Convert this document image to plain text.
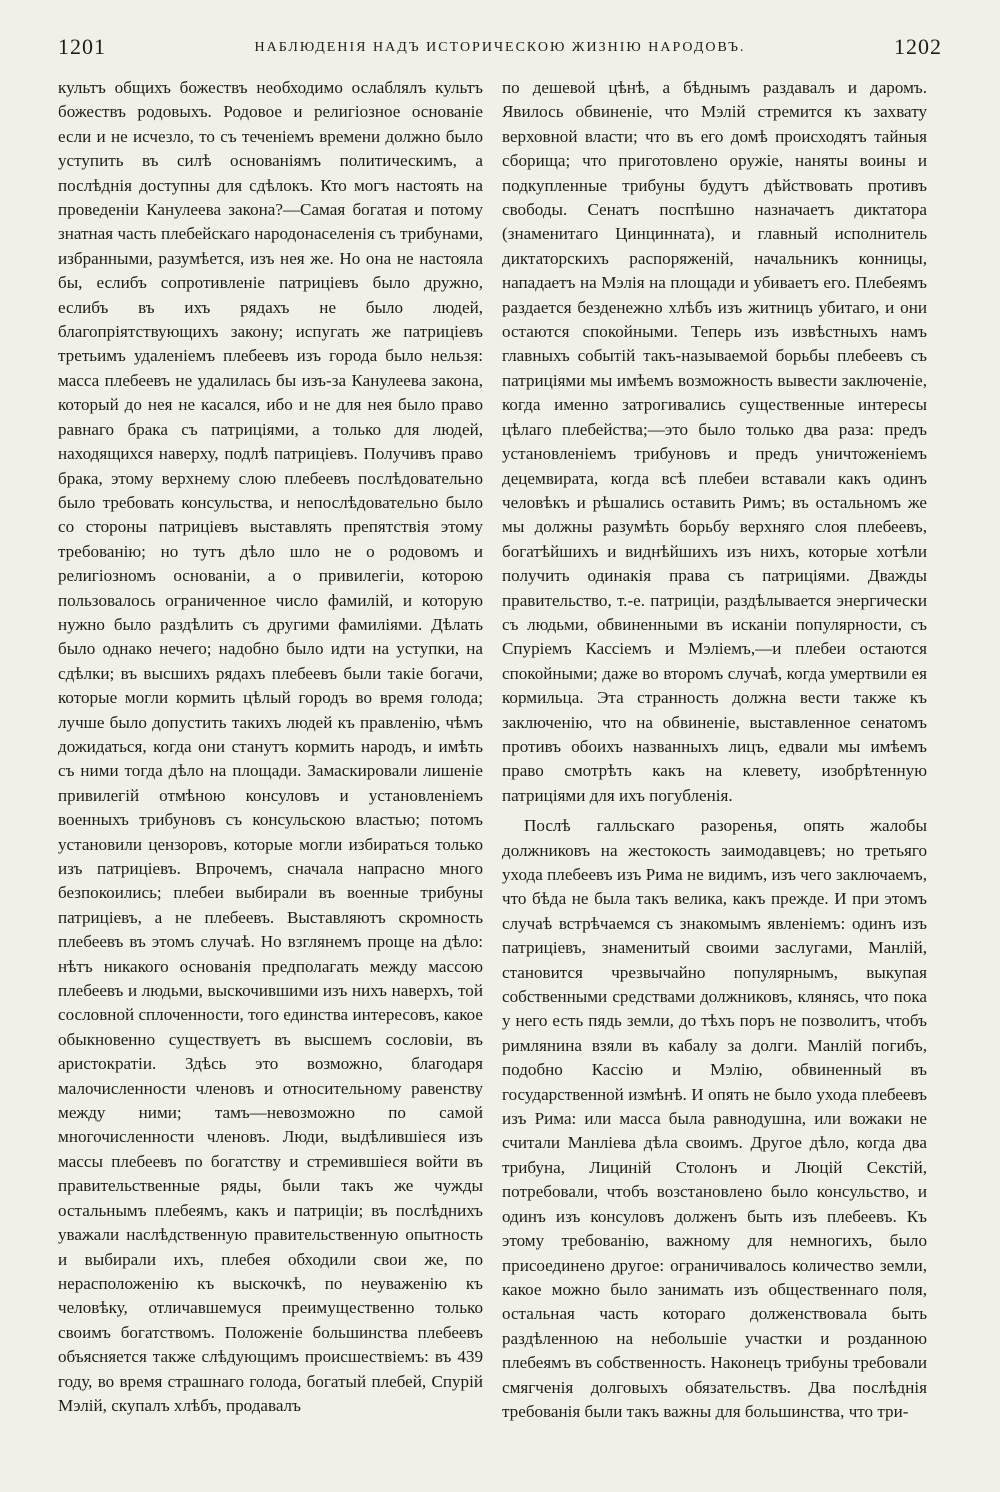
1201	НАБЛЮДЕНІЯ НАДЪ ИСТОРИЧЕСКОЮ ЖИЗНІЮ НАРОДОВЪ.	1202

культъ общихъ божествъ необходимо ослаблялъ культъ божествъ родовыхъ. Родовое и религіозное основаніе если и не исчезло, то съ теченіемъ времени должно было уступить въ силѣ основаніямъ политическимъ, а послѣднія доступны для сдѣлокъ. Кто могъ настоять на проведеніи Канулеева закона?—Самая богатая и потому знатная часть плебейскаго народонаселенія съ трибунами, избранными, разумѣется, изъ нея же. Но она не настояла бы, еслибъ сопротивленіе патриціевъ было дружно, еслибъ въ ихъ рядахъ не было людей, благопріятствующихъ закону; испугать же патриціевъ третьимъ удаленіемъ плебеевъ изъ города было нельзя: масса плебеевъ не удалилась бы изъ-за Канулеева закона, который до нея не касался, ибо и не для нея было право равнаго брака съ патриціями, а только для людей, находящихся наверху, подлѣ патриціевъ. Получивъ право брака, этому верхнему слою плебеевъ послѣдовательно было требовать консульства, и непослѣдовательно было со стороны патриціевъ выставлять препятствія этому требованію; но тутъ дѣло шло не о родовомъ и религіозномъ основаніи, а о привилегіи, которою пользовалось ограниченное число фамилій, и которую нужно было раздѣлить съ другими фамиліями. Дѣлать было однако нечего; надобно было идти на уступки, на сдѣлки; въ высшихъ рядахъ плебеевъ были такіе богачи, которые могли кормить цѣлый городъ во время голода; лучше было допустить такихъ людей къ правленію, чѣмъ дожидаться, когда они станутъ кормить народъ, и имѣть съ ними тогда дѣло на площади. Замаскировали лишеніе привилегій отмѣною консуловъ и установленіемъ военныхъ трибуновъ съ консульскою властью; потомъ установили цензоровъ, которые могли избираться только изъ патриціевъ. Впрочемъ, сначала напрасно много безпокоились; плебеи выбирали въ военные трибуны патриціевъ, а не плебеевъ. Выставляютъ скромность плебеевъ въ этомъ случаѣ. Но взглянемъ проще на дѣло: нѣтъ никакого основанія предполагать между массою плебеевъ и людьми, выскочившими изъ нихъ наверхъ, той сословной сплоченности, того единства интересовъ, какое обыкновенно существуетъ въ высшемъ сословіи, въ аристократіи. Здѣсь это возможно, благодаря малочисленности членовъ и относительному равенству между ними; тамъ—невозможно по самой многочисленности членовъ. Люди, выдѣлившіеся изъ массы плебеевъ по богатству и стремившіеся войти въ правительственные ряды, были такъ же чужды остальнымъ плебеямъ, какъ и патриціи; въ послѣднихъ уважали наслѣдственную правительственную опытность и выбирали ихъ, плебея обходили свои же, по нерасположенію къ выскочкѣ, по неуваженію къ человѣку, отличавшемуся преимущественно только своимъ богатствомъ. Положеніе большинства плебеевъ объясняется также слѣдующимъ происшествіемъ: въ 439 году, во время страшнаго голода, богатый плебей, Спурій Мэлій, скупалъ хлѣбъ, продавалъ

по дешевой цѣнѣ, а бѣднымъ раздавалъ и даромъ. Явилось обвиненіе, что Мэлій стремится къ захвату верховной власти; что въ его домѣ происходятъ тайныя сборища; что приготовлено оружіе, наняты воины и подкупленные трибуны будутъ дѣйствовать противъ свободы. Сенатъ поспѣшно назначаетъ диктатора (знаменитаго Цинцинната), и главный исполнитель диктаторскихъ распоряженій, начальникъ конницы, нападаетъ на Мэлія на площади и убиваетъ его. Плебеямъ раздается безденежно хлѣбъ изъ житницъ убитаго, и они остаются спокойными. Теперь изъ извѣстныхъ намъ главныхъ событій такъ-называемой борьбы плебеевъ съ патриціями мы имѣемъ возможность вывести заключеніе, когда именно затрогивались существенные интересы цѣлаго плебейства;—это было только два раза: предъ установленіемъ трибуновъ и предъ уничтоженіемъ децемвирата, когда всѣ плебеи вставали какъ одинъ человѣкъ и рѣшались оставить Римъ; въ остальномъ же мы должны разумѣть борьбу верхняго слоя плебеевъ, богатѣйшихъ и виднѣйшихъ изъ нихъ, которые хотѣли получить одинакія права съ патриціями. Дважды правительство, т.-е. патриціи, раздѣлывается энергически съ людьми, обвиненными въ исканіи популярности, съ Спуріемъ Кассіемъ и Мэліемъ,—и плебеи остаются спокойными; даже во второмъ случаѣ, когда умертвили ея кормильца. Эта странность должна вести также къ заключенію, что на обвиненіе, выставленное сенатомъ противъ обоихъ названныхъ лицъ, едвали мы имѣемъ право смотрѣть какъ на клевету, изобрѣтенную патриціями для ихъ погубленія.

Послѣ галльскаго разоренья, опять жалобы должниковъ на жестокость заимодавцевъ; но третьяго ухода плебеевъ изъ Рима не видимъ, изъ чего заключаемъ, что бѣда не была такъ велика, какъ прежде. И при этомъ случаѣ встрѣчаемся съ знакомымъ явленіемъ: одинъ изъ патриціевъ, знаменитый своими заслугами, Манлій, становится чрезвычайно популярнымъ, выкупая собственными средствами должниковъ, клянясь, что пока у него есть пядь земли, до тѣхъ поръ не позволитъ, чтобъ римлянина взяли въ кабалу за долги. Манлій погибъ, подобно Кассію и Мэлію, обвиненный въ государственной измѣнѣ. И опять не было ухода плебеевъ изъ Рима: или масса была равнодушна, или вожаки не считали Манліева дѣла своимъ. Другое дѣло, когда два трибуна, Лициній Столонъ и Люцій Секстій, потребовали, чтобъ возстановлено было консульство, и одинъ изъ консуловъ долженъ быть изъ плебеевъ. Къ этому требованію, важному для немногихъ, было присоединено другое: ограничивалось количество земли, какое можно было занимать изъ общественнаго поля, остальная часть котораго долженствовала быть раздѣленною на небольшіе участки и розданною плебеямъ въ собственность. Наконецъ трибуны требовали смягченія долговыхъ обязательствъ. Два послѣднія требованія были такъ важны для большинства, что три-
